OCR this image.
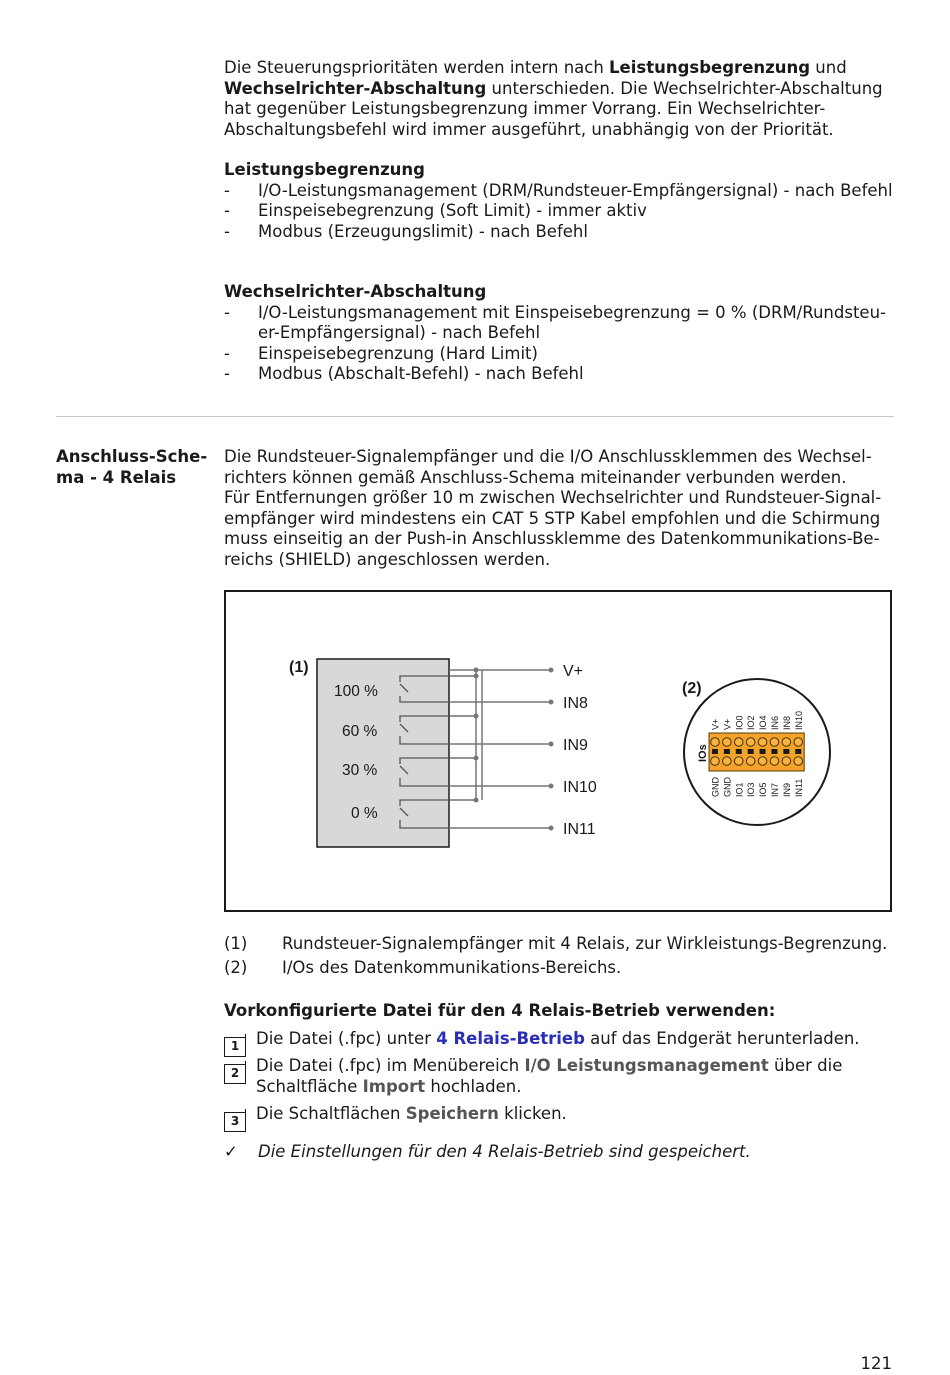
Die Steuerungsprioritäten werden intern nach Leistungsbegrenzung und Wechselrichter-Abschaltung unterschieden. Die Wechselrichter-Abschaltung hat gegenüber Leistungsbegrenzung immer Vorrang. Ein Wechselrichter-Abschaltungsbefehl wird immer ausgeführt, unabhängig von der Priorität.
Leistungsbegrenzung
- I/O-Leistungsmanagement (DRM/Rundsteuer-Empfängersignal) - nach Befehl
- Einspeisebegrenzung (Soft Limit) - immer aktiv
- Modbus (Erzeugungslimit) - nach Befehl
Wechselrichter-Abschaltung
- I/O-Leistungsmanagement mit Einspeisebegrenzung = 0 % (DRM/Rundsteuer-Empfängersignal) - nach Befehl
- Einspeisebegrenzung (Hard Limit)
- Modbus (Abschalt-Befehl) - nach Befehl
Anschluss-Schema - 4 Relais
Die Rundsteuer-Signalempfänger und die I/O Anschlussklemmen des Wechselrichters können gemäß Anschluss-Schema miteinander verbunden werden.
Für Entfernungen größer 10 m zwischen Wechselrichter und Rundsteuer-Signalempfänger wird mindestens ein CAT 5 STP Kabel empfohlen und die Schirmung muss einseitig an der Push-in Anschlussklemme des Datenkommunikations-Bereichs (SHIELD) angeschlossen werden.
(1)
100 %
60 %
30 %
0 %
V+
IN8
IN9
IN10
IN11
(2)
IOs
V+
GND
V+
GND
IO0
IO1
IO2
IO3
IO4
IO5
IN6
IN7
IN8
IN9
IN10
IN11
(1) Rundsteuer-Signalempfänger mit 4 Relais, zur Wirkleistungs-Begrenzung.
(2) I/Os des Datenkommunikations-Bereichs.
Vorkonfigurierte Datei für den 4 Relais-Betrieb verwenden:
1	Die Datei (.fpc) unter 4 Relais-Betrieb auf das Endgerät herunterladen.
2	Die Datei (.fpc) im Menübereich I/O Leistungsmanagement über die Schaltfläche Import hochladen.
3	Die Schaltflächen Speichern klicken.
✓ Die Einstellungen für den 4 Relais-Betrieb sind gespeichert.
121
